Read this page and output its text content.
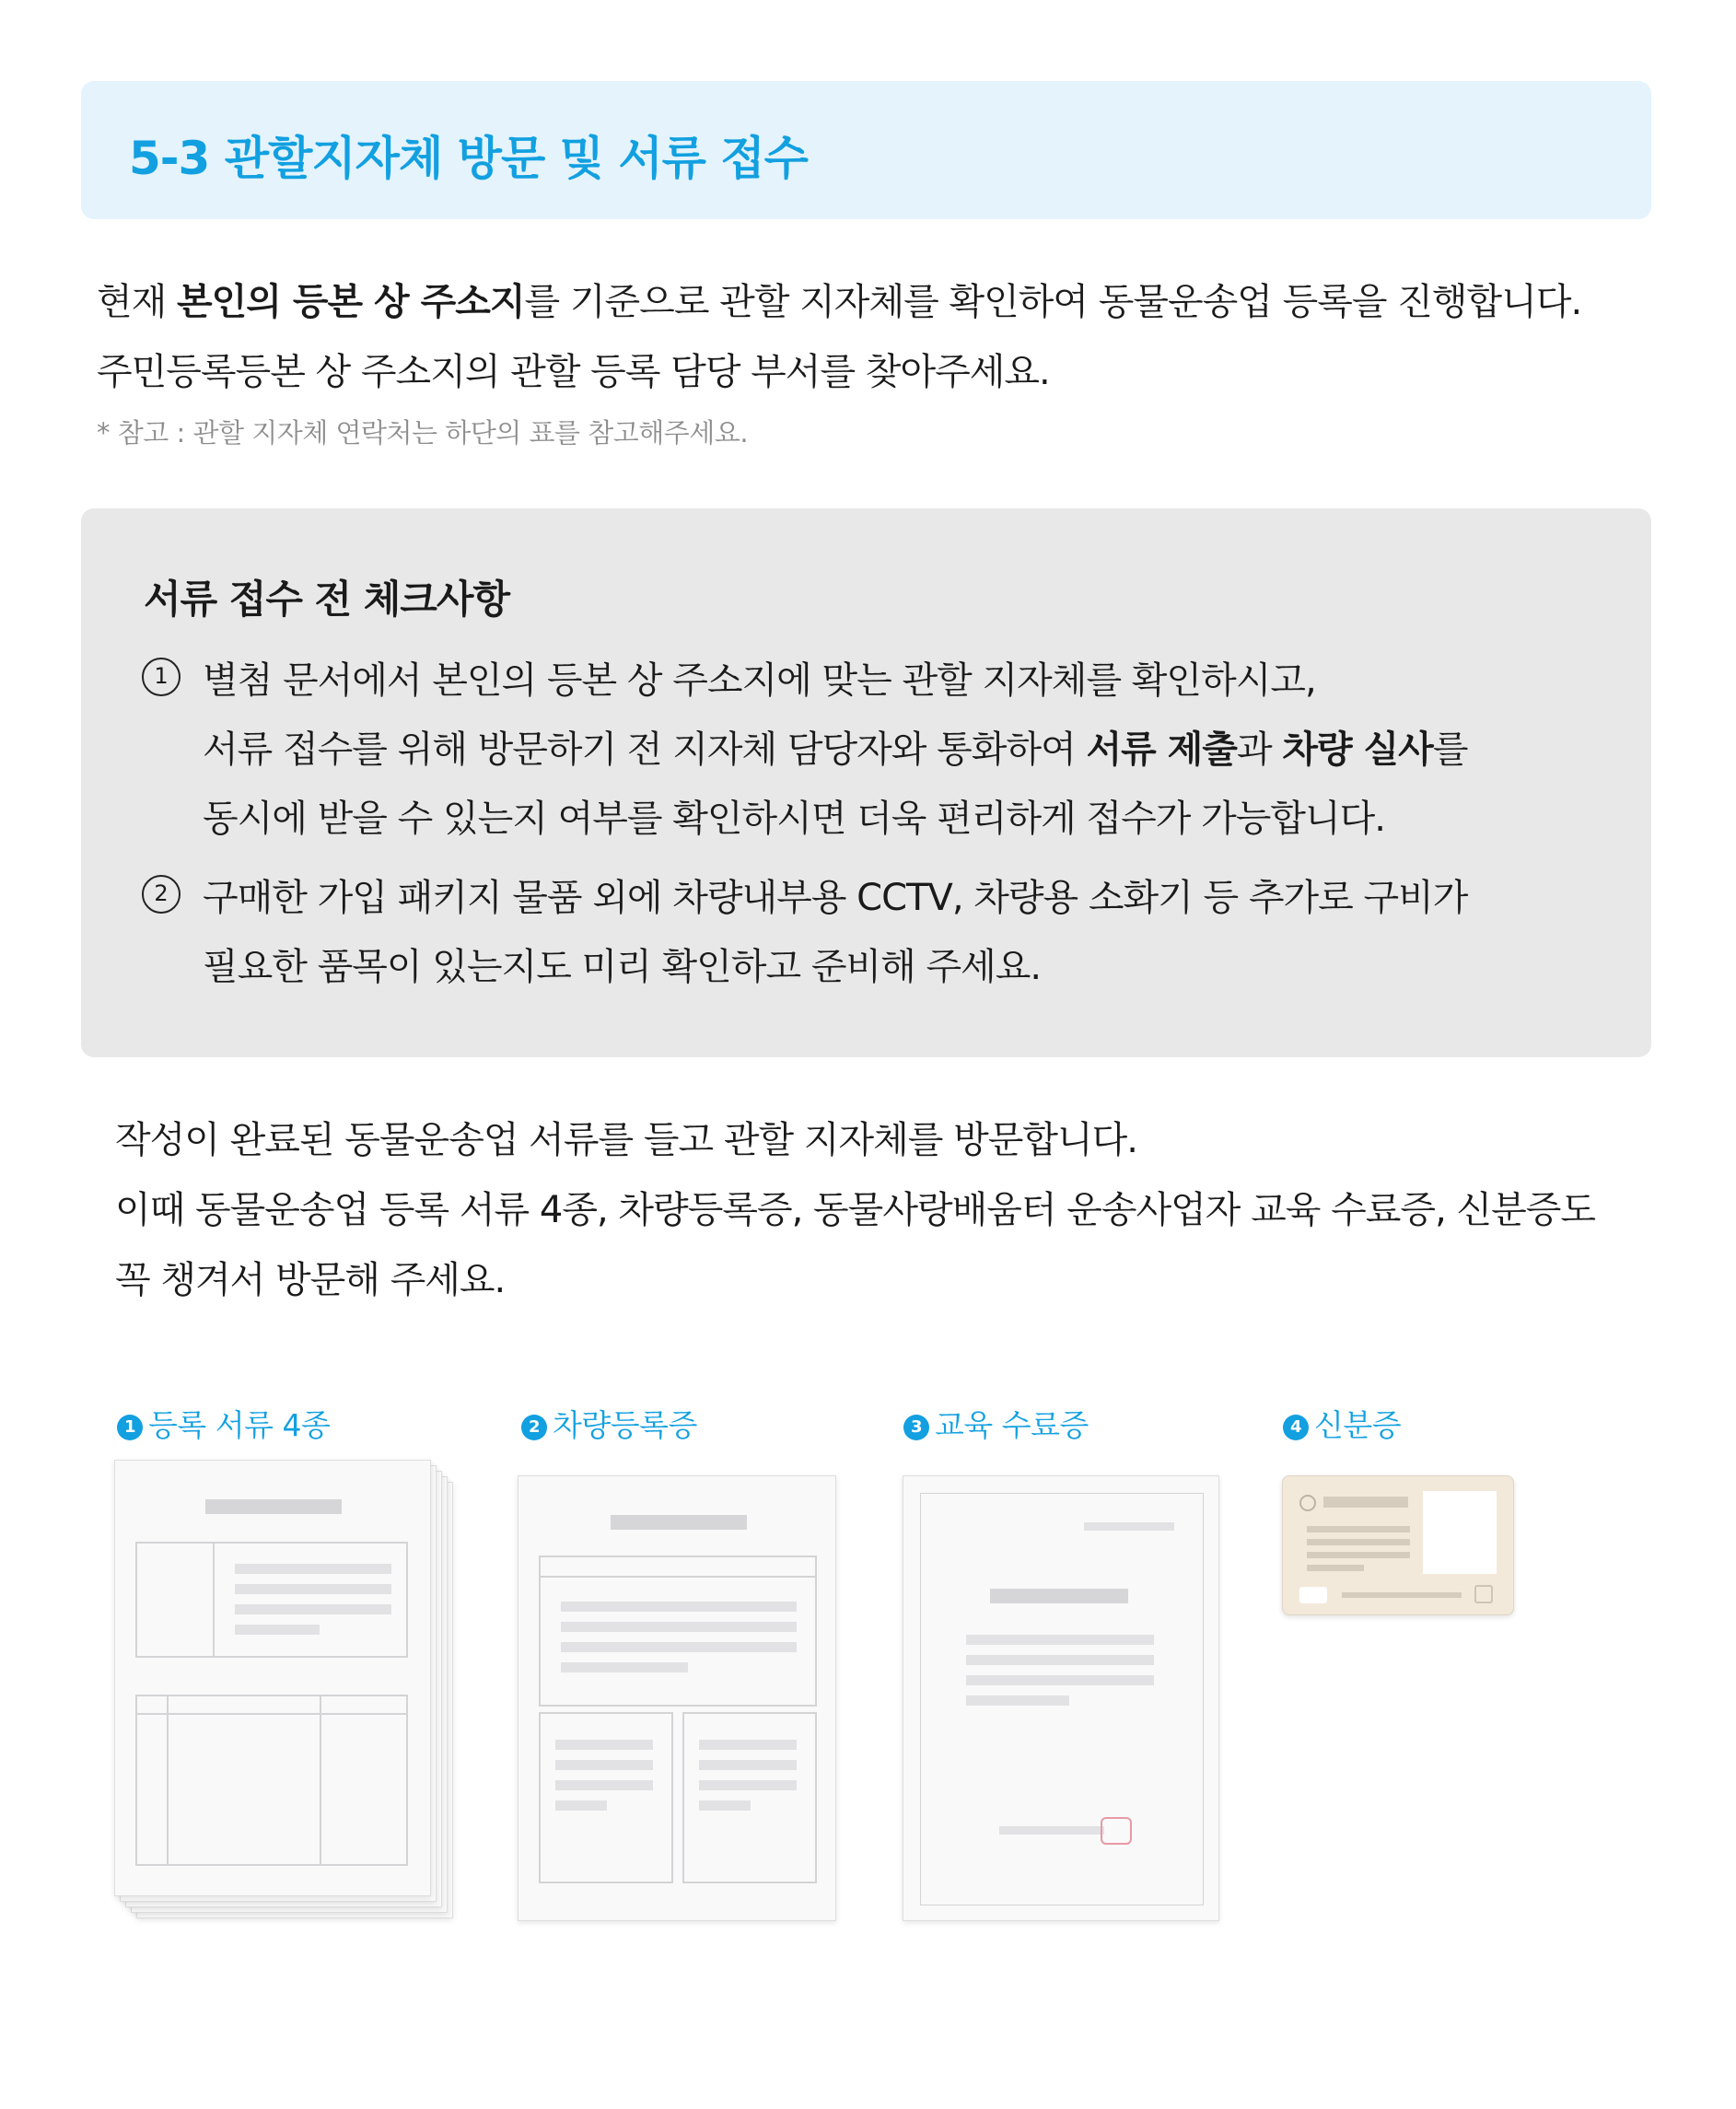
5-3 관할지자체 방문 및 서류 접수
현재 본인의 등본 상 주소지를 기준으로 관할 지자체를 확인하여 동물운송업 등록을 진행합니다.
주민등록등본 상 주소지의 관할 등록 담당 부서를 찾아주세요.
* 참고 : 관할 지자체 연락처는 하단의 표를 참고해주세요.
서류 접수 전 체크사항
1 별첨 문서에서 본인의 등본 상 주소지에 맞는 관할 지자체를 확인하시고,
서류 접수를 위해 방문하기 전 지자체 담당자와 통화하여 서류 제출과 차량 실사를
동시에 받을 수 있는지 여부를 확인하시면 더욱 편리하게 접수가 가능합니다.
2 구매한 가입 패키지 물품 외에 차량내부용 CCTV, 차량용 소화기 등 추가로 구비가
필요한 품목이 있는지도 미리 확인하고 준비해 주세요.
작성이 완료된 동물운송업 서류를 들고 관할 지자체를 방문합니다.
이때 동물운송업 등록 서류 4종, 차량등록증, 동물사랑배움터 운송사업자 교육 수료증, 신분증도
꼭 챙겨서 방문해 주세요.
1 등록 서류 4종	2 차량등록증	3 교육 수료증	4 신분증
